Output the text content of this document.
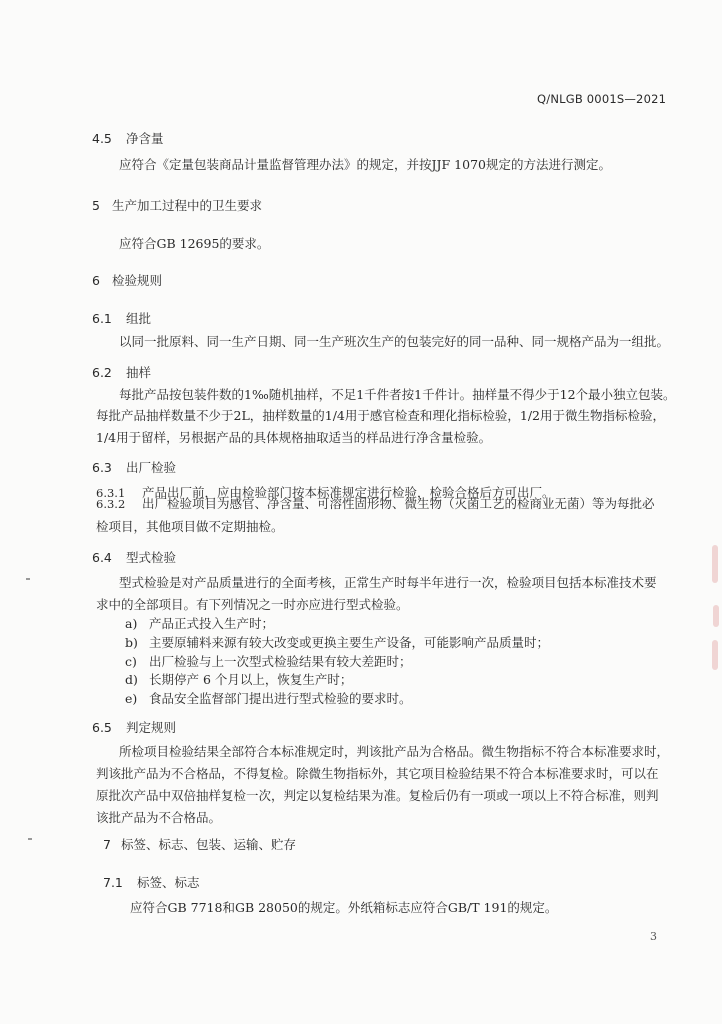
Q/NLGB 0001S—2021
4.5 净含量
应符合《定量包装商品计量监督管理办法》的规定，并按JJF 1070规定的方法进行测定。
5 生产加工过程中的卫生要求
应符合GB 12695的要求。
6 检验规则
6.1 组批
以同一批原料、同一生产日期、同一生产班次生产的包装完好的同一品种、同一规格产品为一组批。
6.2 抽样
每批产品按包装件数的1‰随机抽样，不足1千件者按1千件计。抽样量不得少于12个最小独立包装。
每批产品抽样数量不少于2L，抽样数量的1/4用于感官检查和理化指标检验，1/2用于微生物指标检验，
1/4用于留样，另根据产品的具体规格抽取适当的样品进行净含量检验。
6.3 出厂检验
6.3.1 产品出厂前，应由检验部门按本标准规定进行检验，检验合格后方可出厂。
6.3.2 出厂检验项目为感官、净含量、可溶性固形物、微生物（灭菌工艺的检商业无菌）等为每批必
检项目，其他项目做不定期抽检。
6.4 型式检验
型式检验是对产品质量进行的全面考核，正常生产时每半年进行一次，检验项目包括本标准技术要
求中的全部项目。有下列情况之一时亦应进行型式检验。
a) 产品正式投入生产时；
b) 主要原辅料来源有较大改变或更换主要生产设备，可能影响产品质量时；
c) 出厂检验与上一次型式检验结果有较大差距时；
d) 长期停产 6 个月以上，恢复生产时；
e) 食品安全监督部门提出进行型式检验的要求时。
6.5 判定规则
所检项目检验结果全部符合本标准规定时，判该批产品为合格品。微生物指标不符合本标准要求时，
判该批产品为不合格品，不得复检。除微生物指标外，其它项目检验结果不符合本标准要求时，可以在
原批次产品中双倍抽样复检一次，判定以复检结果为准。复检后仍有一项或一项以上不符合标准，则判
该批产品为不合格品。
7 标签、标志、包装、运输、贮存
7.1 标签、标志
应符合GB 7718和GB 28050的规定。外纸箱标志应符合GB/T 191的规定。
3
